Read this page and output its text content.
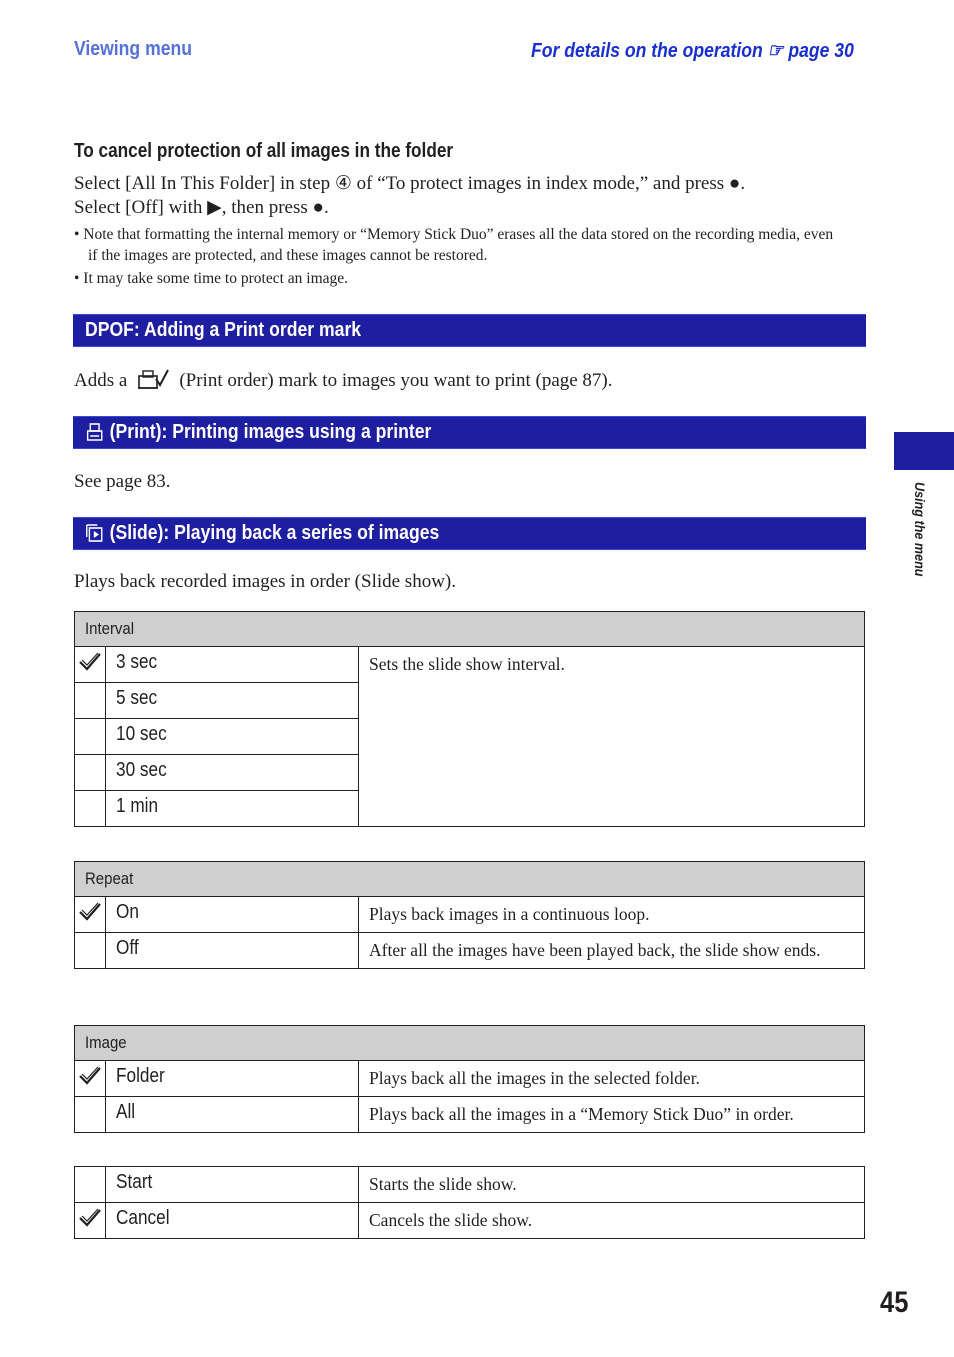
Viewing menu	For details on the operation ☞ page 30
To cancel protection of all images in the folder
Select [All In This Folder] in step ④ of “To protect images in index mode,” and press ●.
Select [Off] with ▶, then press ●.
• Note that formatting the internal memory or “Memory Stick Duo” erases all the data stored on the recording media, even if the images are protected, and these images cannot be restored.
• It may take some time to protect an image.
DPOF: Adding a Print order mark
Adds a	(Print order) mark to images you want to print (page 87).
(Print): Printing images using a printer
See page 83.
(Slide): Playing back a series of images
Plays back recorded images in order (Slide show).
Interval		
	3 sec	Sets the slide show interval.
	5 sec	
	10 sec	
	30 sec	
	1 min	
Repeat		
	On	Plays back images in a continuous loop.
	Off	After all the images have been played back, the slide show ends.
Image		
	Folder	Plays back all the images in the selected folder.
	All	Plays back all the images in a “Memory Stick Duo” in order.
	Start	Starts the slide show.
	Cancel	Cancels the slide show.
Using the menu
45
